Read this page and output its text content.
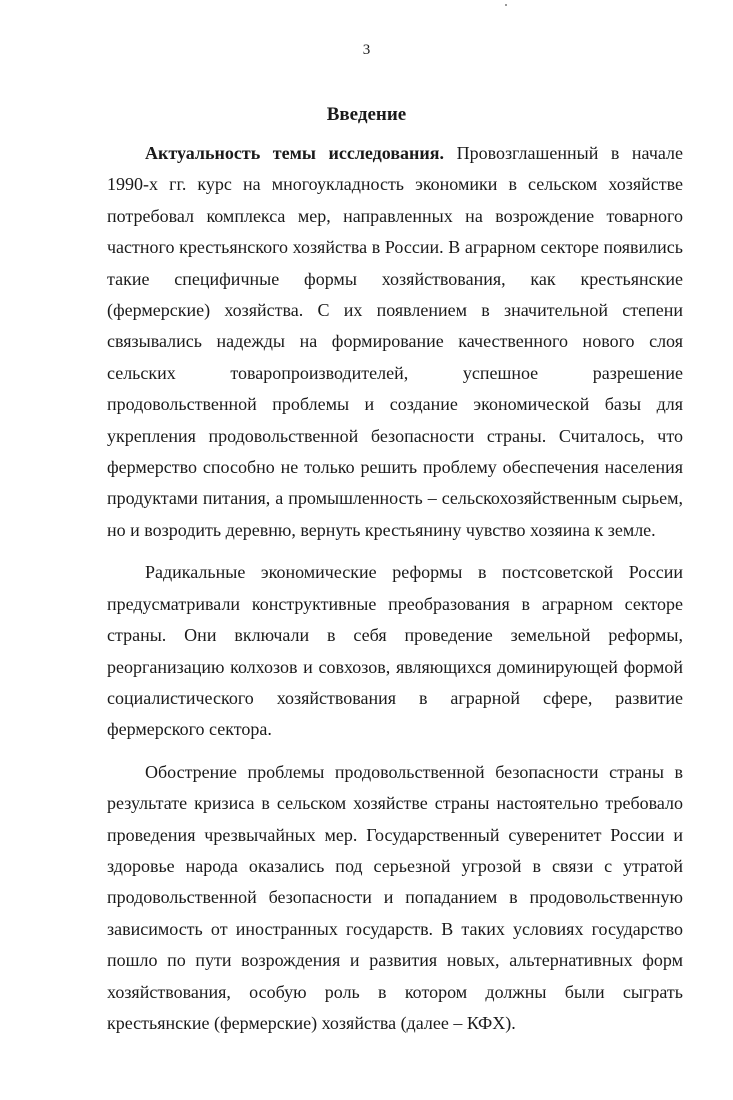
3
Введение

Актуальность темы исследования. Провозглашенный в начале 1990-х гг. курс на многоукладность экономики в сельском хозяйстве потребовал комплекса мер, направленных на возрождение товарного частного крестьянского хозяйства в России. В аграрном секторе появились такие специфичные формы хозяйствования, как крестьянские (фермерские) хозяйства. С их появлением в значительной степени связывались надежды на формирование качественного нового слоя сельских товаропроизводителей, успешное разрешение продовольственной проблемы и создание экономической базы для укрепления продовольственной безопасности страны. Считалось, что фермерство способно не только решить проблему обеспечения населения продуктами питания, а промышленность – сельскохозяйственным сырьем, но и возродить деревню, вернуть крестьянину чувство хозяина к земле.

Радикальные экономические реформы в постсоветской России предусматривали конструктивные преобразования в аграрном секторе страны. Они включали в себя проведение земельной реформы, реорганизацию колхозов и совхозов, являющихся доминирующей формой социалистического хозяйствования в аграрной сфере, развитие фермерского сектора.

Обострение проблемы продовольственной безопасности страны в результате кризиса в сельском хозяйстве страны настоятельно требовало проведения чрезвычайных мер. Государственный суверенитет России и здоровье народа оказались под серьезной угрозой в связи с утратой продовольственной безопасности и попаданием в продовольственную зависимость от иностранных государств. В таких условиях государство пошло по пути возрождения и развития новых, альтернативных форм хозяйствования, особую роль в котором должны были сыграть крестьянские (фермерские) хозяйства (далее – КФХ).
